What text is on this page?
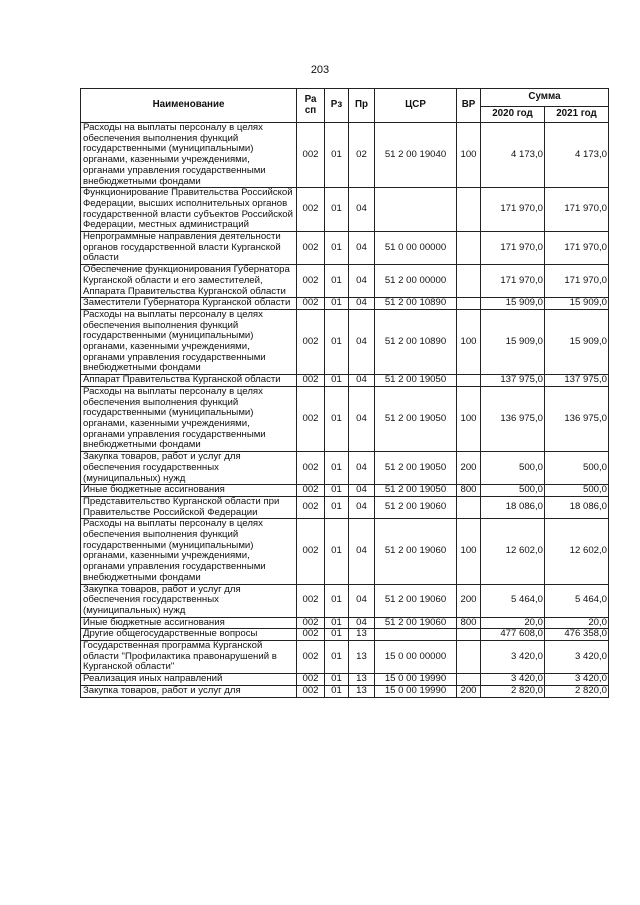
203
Наименование	Ра сп	Рз	Пр	ЦСР	ВР	Сумма	
						2020 год	2021 год
Расходы на выплаты персоналу в целях обеспечения выполнения функций государственными (муниципальными) органами, казенными учреждениями, органами управления государственными внебюджетными фондами	002	01	02	51 2 00 19040	100	4 173,0	4 173,0
Функционирование Правительства Российской Федерации, высших исполнительных органов государственной власти субъектов Российской Федерации, местных администраций	002	01	04			171 970,0	171 970,0
Непрограммные направления деятельности органов государственной власти Курганской области	002	01	04	51 0 00 00000		171 970,0	171 970,0
Обеспечение функционирования Губернатора Курганской области и его заместителей, Аппарата Правительства Курганской области	002	01	04	51 2 00 00000		171 970,0	171 970,0
Заместители Губернатора Курганской области	002	01	04	51 2 00 10890		15 909,0	15 909,0
Расходы на выплаты персоналу в целях обеспечения выполнения функций государственными (муниципальными) органами, казенными учреждениями, органами управления государственными внебюджетными фондами	002	01	04	51 2 00 10890	100	15 909,0	15 909,0
Аппарат Правительства Курганской области	002	01	04	51 2 00 19050		137 975,0	137 975,0
Расходы на выплаты персоналу в целях обеспечения выполнения функций государственными (муниципальными) органами, казенными учреждениями, органами управления государственными внебюджетными фондами	002	01	04	51 2 00 19050	100	136 975,0	136 975,0
Закупка товаров, работ и услуг для обеспечения государственных (муниципальных) нужд	002	01	04	51 2 00 19050	200	500,0	500,0
Иные бюджетные ассигнования	002	01	04	51 2 00 19050	800	500,0	500,0
Представительство Курганской области при Правительстве Российской Федерации	002	01	04	51 2 00 19060		18 086,0	18 086,0
Расходы на выплаты персоналу в целях обеспечения выполнения функций государственными (муниципальными) органами, казенными учреждениями, органами управления государственными внебюджетными фондами	002	01	04	51 2 00 19060	100	12 602,0	12 602,0
Закупка товаров, работ и услуг для обеспечения государственных (муниципальных) нужд	002	01	04	51 2 00 19060	200	5 464,0	5 464,0
Иные бюджетные ассигнования	002	01	04	51 2 00 19060	800	20,0	20,0
Другие общегосударственные вопросы	002	01	13			477 608,0	476 358,0
Государственная программа Курганской области "Профилактика правонарушений в Курганской области"	002	01	13	15 0 00 00000		3 420,0	3 420,0
Реализация иных направлений	002	01	13	15 0 00 19990		3 420,0	3 420,0
Закупка товаров, работ и услуг для	002	01	13	15 0 00 19990	200	2 820,0	2 820,0
